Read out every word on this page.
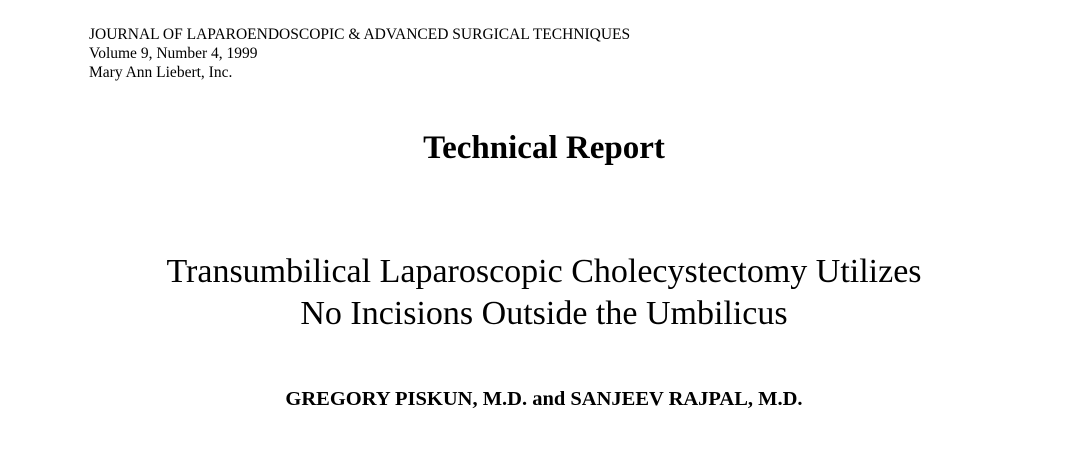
JOURNAL OF LAPAROENDOSCOPIC & ADVANCED SURGICAL TECHNIQUES
Volume 9, Number 4, 1999
Mary Ann Liebert, Inc.
Technical Report
Transumbilical Laparoscopic Cholecystectomy Utilizes
No Incisions Outside the Umbilicus
GREGORY PISKUN, M.D. and SANJEEV RAJPAL, M.D.
